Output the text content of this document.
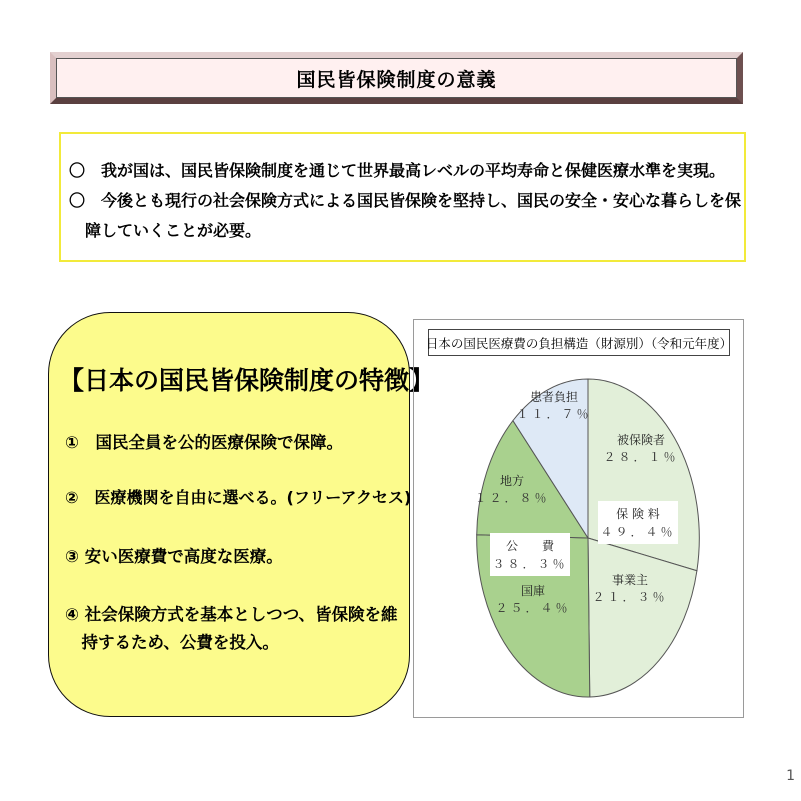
国民皆保険制度の意義
〇　我が国は、国民皆保険制度を通じて世界最高レベルの平均寿命と保健医療水準を実現。
〇　今後とも現行の社会保険方式による国民皆保険を堅持し、国民の安全・安心な暮らしを保
　障していくことが必要。
【日本の国民皆保険制度の特徴】
①　国民全員を公的医療保険で保障。
②　医療機関を自由に選べる。(フリーアクセス)
③ 安い医療費で高度な医療。
④ 社会保険方式を基本としつつ、皆保険を維
　持するため、公費を投入。
日本の国民医療費の負担構造（財源別）（令和元年度）
被保険者
２８．１％
事業主
２１．３％
国庫
２５．４％
地方
１２．８％
患者負担
１１．７％
保 険 料
４９．４％
公　　費
３８．３％
1
